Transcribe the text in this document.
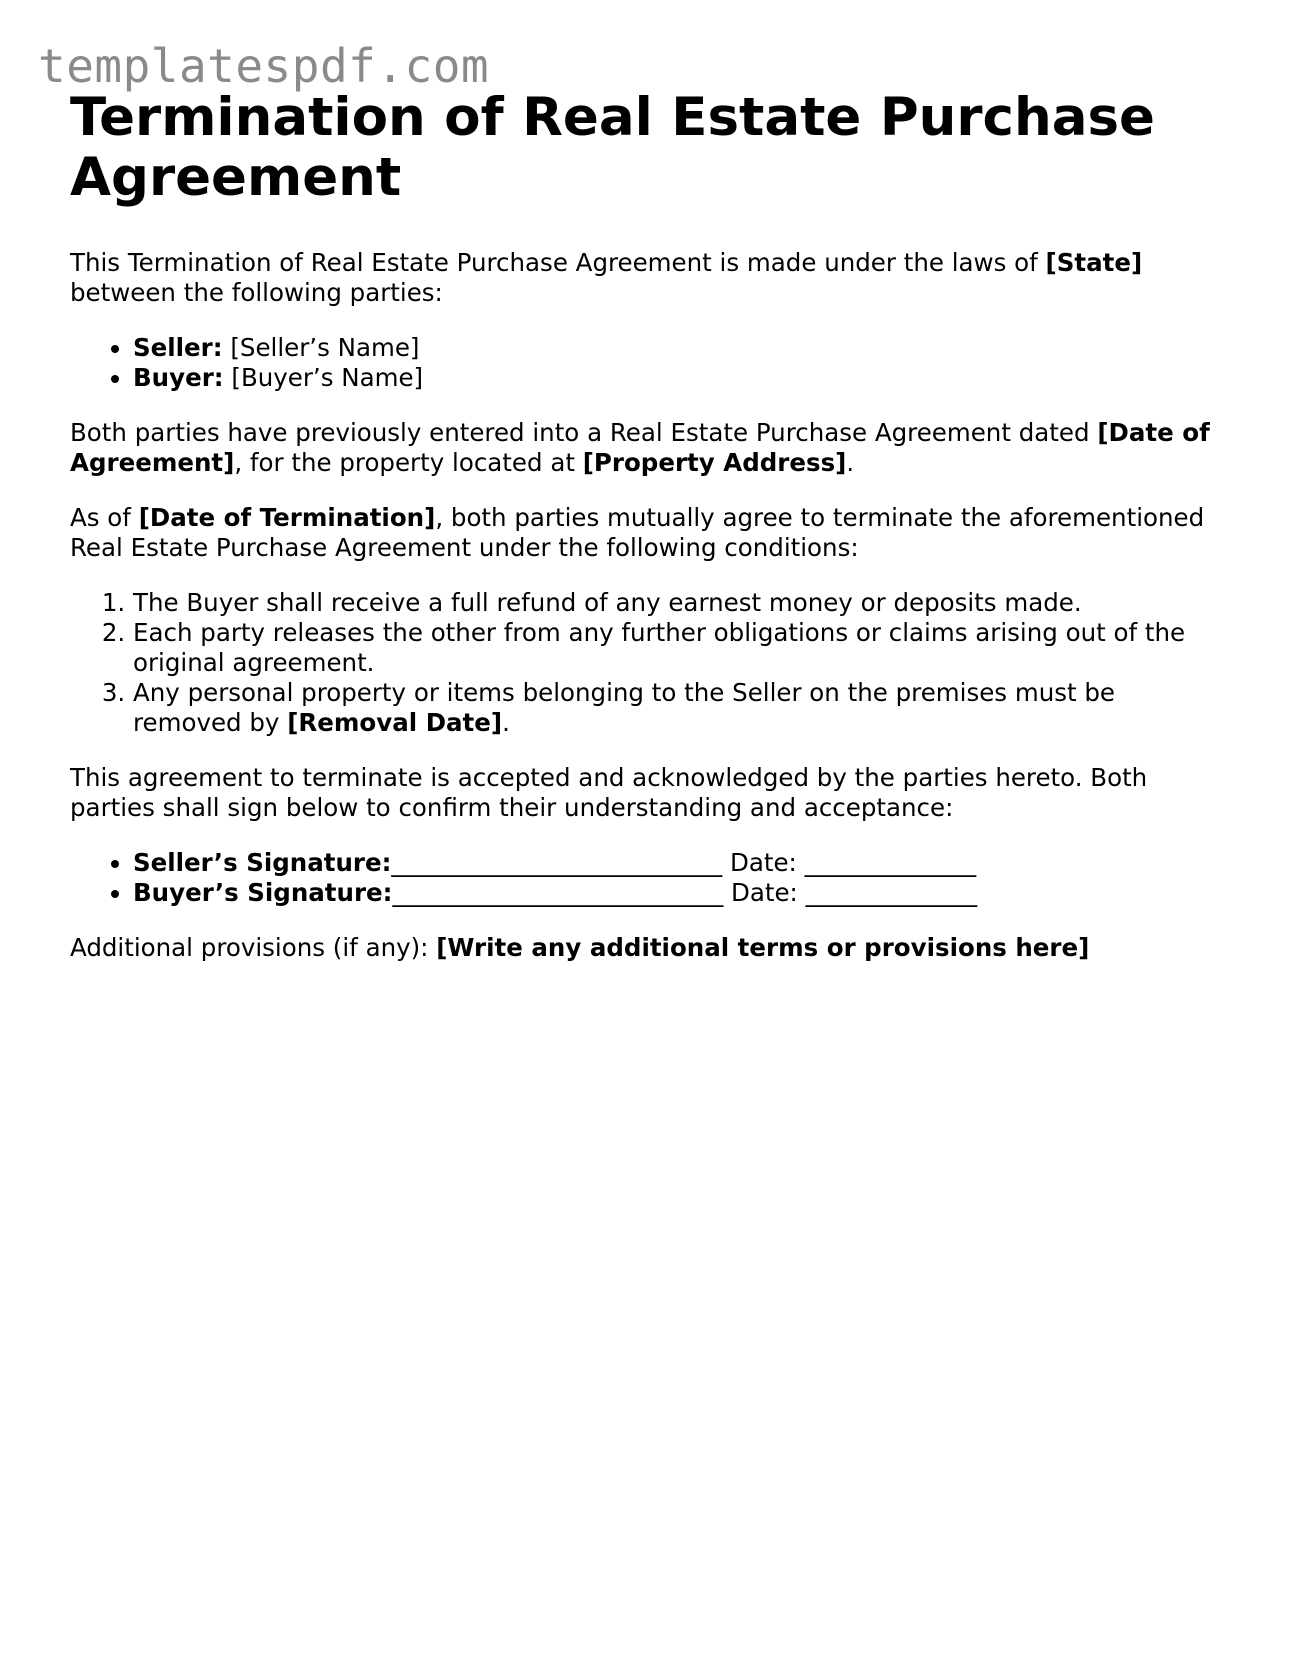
templatespdf.com
Termination of Real Estate Purchase Agreement

This Termination of Real Estate Purchase Agreement is made under the laws of [State] between the following parties:

• Seller: [Seller’s Name]
• Buyer: [Buyer’s Name]

Both parties have previously entered into a Real Estate Purchase Agreement dated [Date of Agreement], for the property located at [Property Address].

As of [Date of Termination], both parties mutually agree to terminate the aforementioned Real Estate Purchase Agreement under the following conditions:

1. The Buyer shall receive a full refund of any earnest money or deposits made.
2. Each party releases the other from any further obligations or claims arising out of the original agreement.
3. Any personal property or items belonging to the Seller on the premises must be removed by [Removal Date].

This agreement to terminate is accepted and acknowledged by the parties hereto. Both parties shall sign below to confirm their understanding and acceptance:

• Seller’s Signature:___________________________ Date: ______________
• Buyer’s Signature:___________________________ Date: ______________

Additional provisions (if any): [Write any additional terms or provisions here]
